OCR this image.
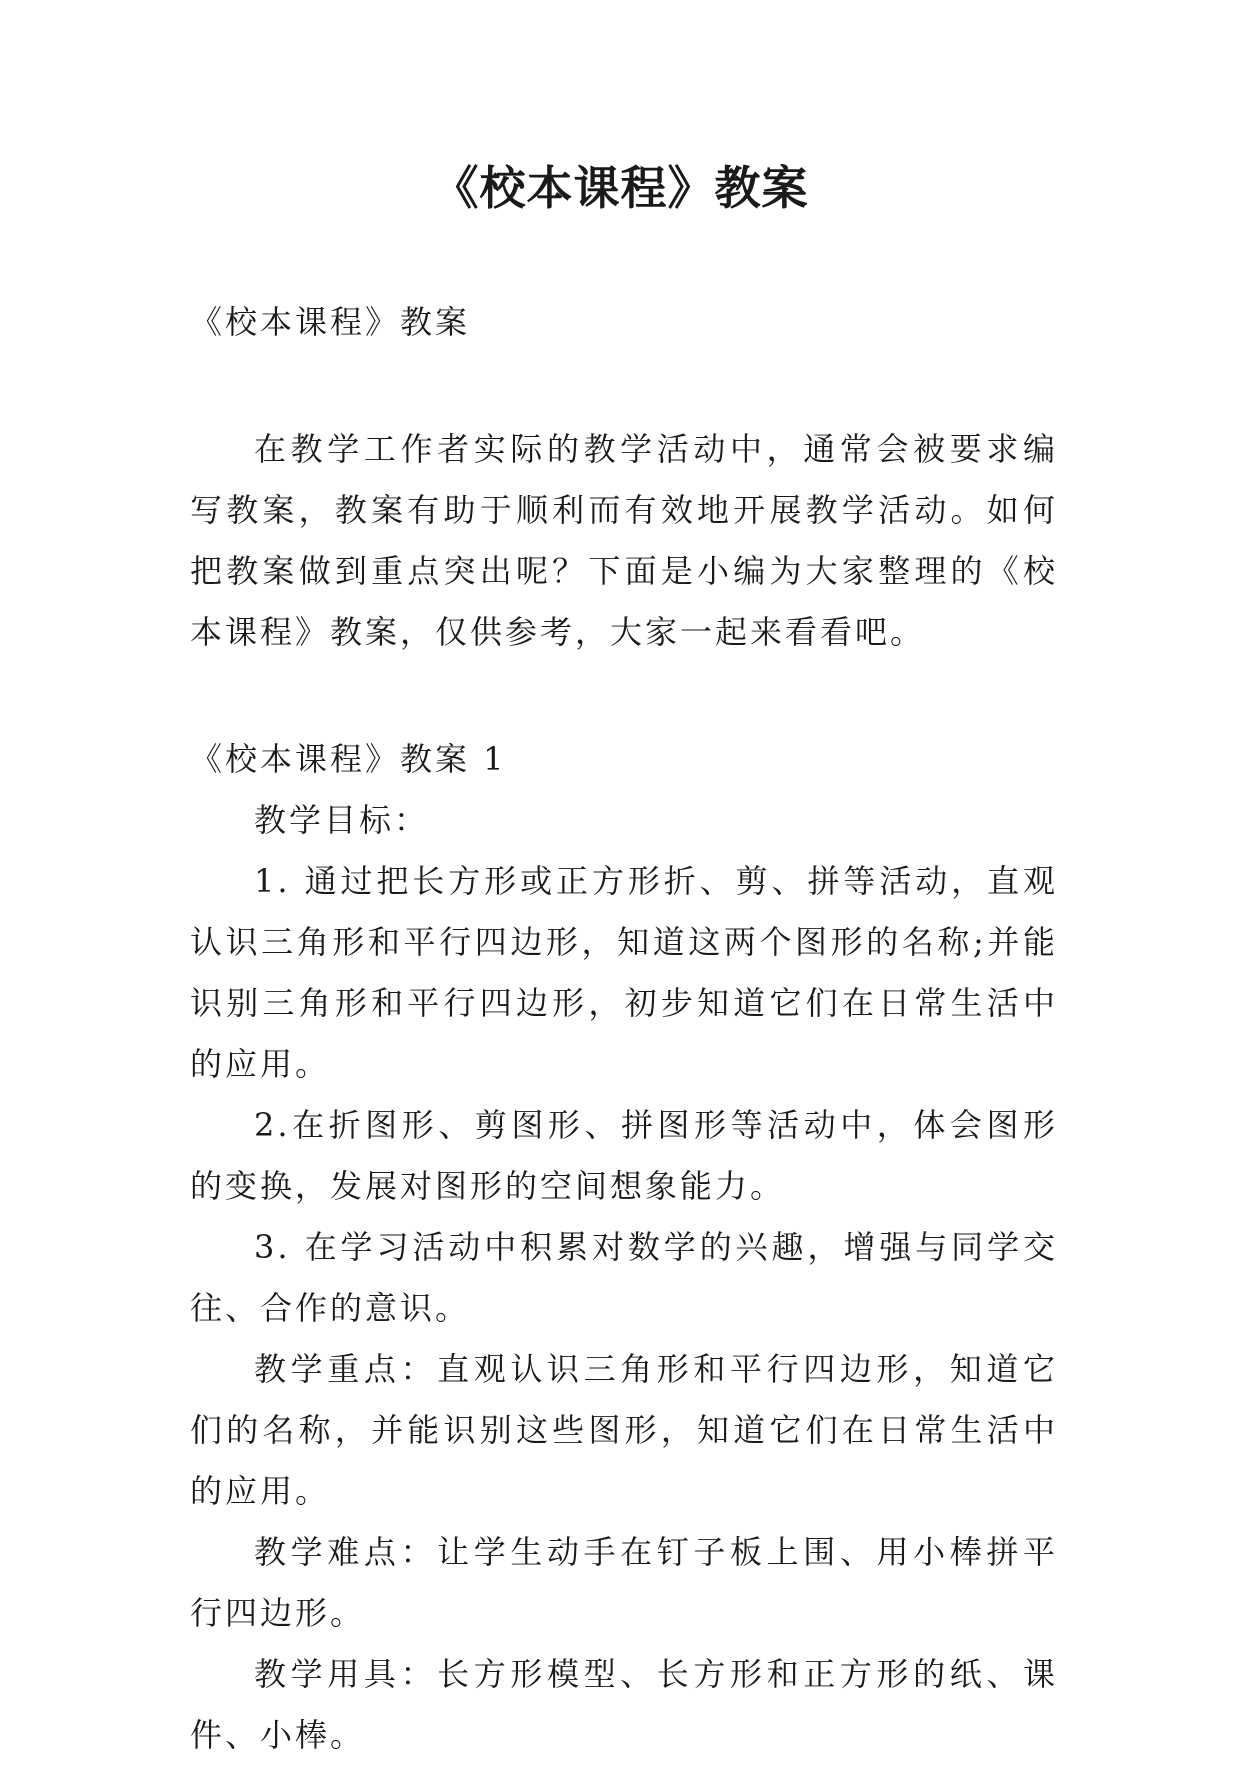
《校本课程》教案

《校本课程》教案

在教学工作者实际的教学活动中，通常会被要求编写教案，教案有助于顺利而有效地开展教学活动。如何把教案做到重点突出呢？下面是小编为大家整理的《校本课程》教案，仅供参考，大家一起来看看吧。

《校本课程》教案 1

教学目标：

1. 通过把长方形或正方形折、剪、拼等活动，直观认识三角形和平行四边形，知道这两个图形的名称;并能识别三角形和平行四边形，初步知道它们在日常生活中的应用。

2.在折图形、剪图形、拼图形等活动中，体会图形的变换，发展对图形的空间想象能力。

3. 在学习活动中积累对数学的兴趣，增强与同学交往、合作的意识。

教学重点：直观认识三角形和平行四边形，知道它们的名称，并能识别这些图形，知道它们在日常生活中的应用。

教学难点：让学生动手在钉子板上围、用小棒拼平行四边形。

教学用具：长方形模型、长方形和正方形的纸、课件、小棒。
